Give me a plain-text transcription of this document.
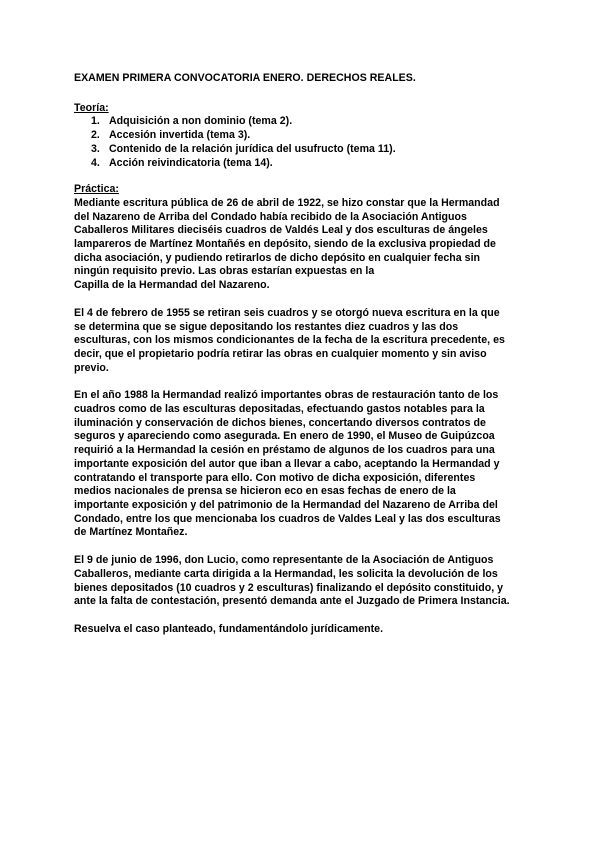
EXAMEN PRIMERA CONVOCATORIA ENERO. DERECHOS REALES.

Teoría:

1. Adquisición a non dominio (tema 2).
2. Accesión invertida (tema 3).
3. Contenido de la relación jurídica del usufructo (tema 11).
4. Acción reivindicatoria (tema 14).

Práctica:

Mediante escritura pública de 26 de abril de 1922, se hizo constar que la Hermandad
del Nazareno de Arriba del Condado había recibido de la Asociación Antiguos
Caballeros Militares dieciséis cuadros de Valdés Leal y dos esculturas de ángeles
lampareros de Martínez Montañés en depósito, siendo de la exclusiva propiedad de
dicha asociación, y pudiendo retirarlos de dicho depósito en cualquier fecha sin
ningún requisito previo. Las obras estarían expuestas en la
Capilla de la Hermandad del Nazareno.
El 4 de febrero de 1955 se retiran seis cuadros y se otorgó nueva escritura en la que
se determina que se sigue depositando los restantes diez cuadros y las dos
esculturas, con los mismos condicionantes de la fecha de la escritura precedente, es
decir, que el propietario podría retirar las obras en cualquier momento y sin aviso
previo.
En el año 1988 la Hermandad realizó importantes obras de restauración tanto de los
cuadros como de las esculturas depositadas, efectuando gastos notables para la
iluminación y conservación de dichos bienes, concertando diversos contratos de
seguros y apareciendo como asegurada. En enero de 1990, el Museo de Guipúzcoa
requirió a la Hermandad la cesión en préstamo de algunos de los cuadros para una
importante exposición del autor que iban a llevar a cabo, aceptando la Hermandad y
contratando el transporte para ello. Con motivo de dicha exposición, diferentes
medios nacionales de prensa se hicieron eco en esas fechas de enero de la
importante exposición y del patrimonio de la Hermandad del Nazareno de Arriba del
Condado, entre los que mencionaba los cuadros de Valdes Leal y las dos esculturas
de Martínez Montañez.
El 9 de junio de 1996, don Lucio, como representante de la Asociación de Antiguos
Caballeros, mediante carta dirigida a la Hermandad, les solicita la devolución de los
bienes depositados (10 cuadros y 2 esculturas) finalizando el depósito constituido, y
ante la falta de contestación, presentó demanda ante el Juzgado de Primera Instancia.
Resuelva el caso planteado, fundamentándolo jurídicamente.
